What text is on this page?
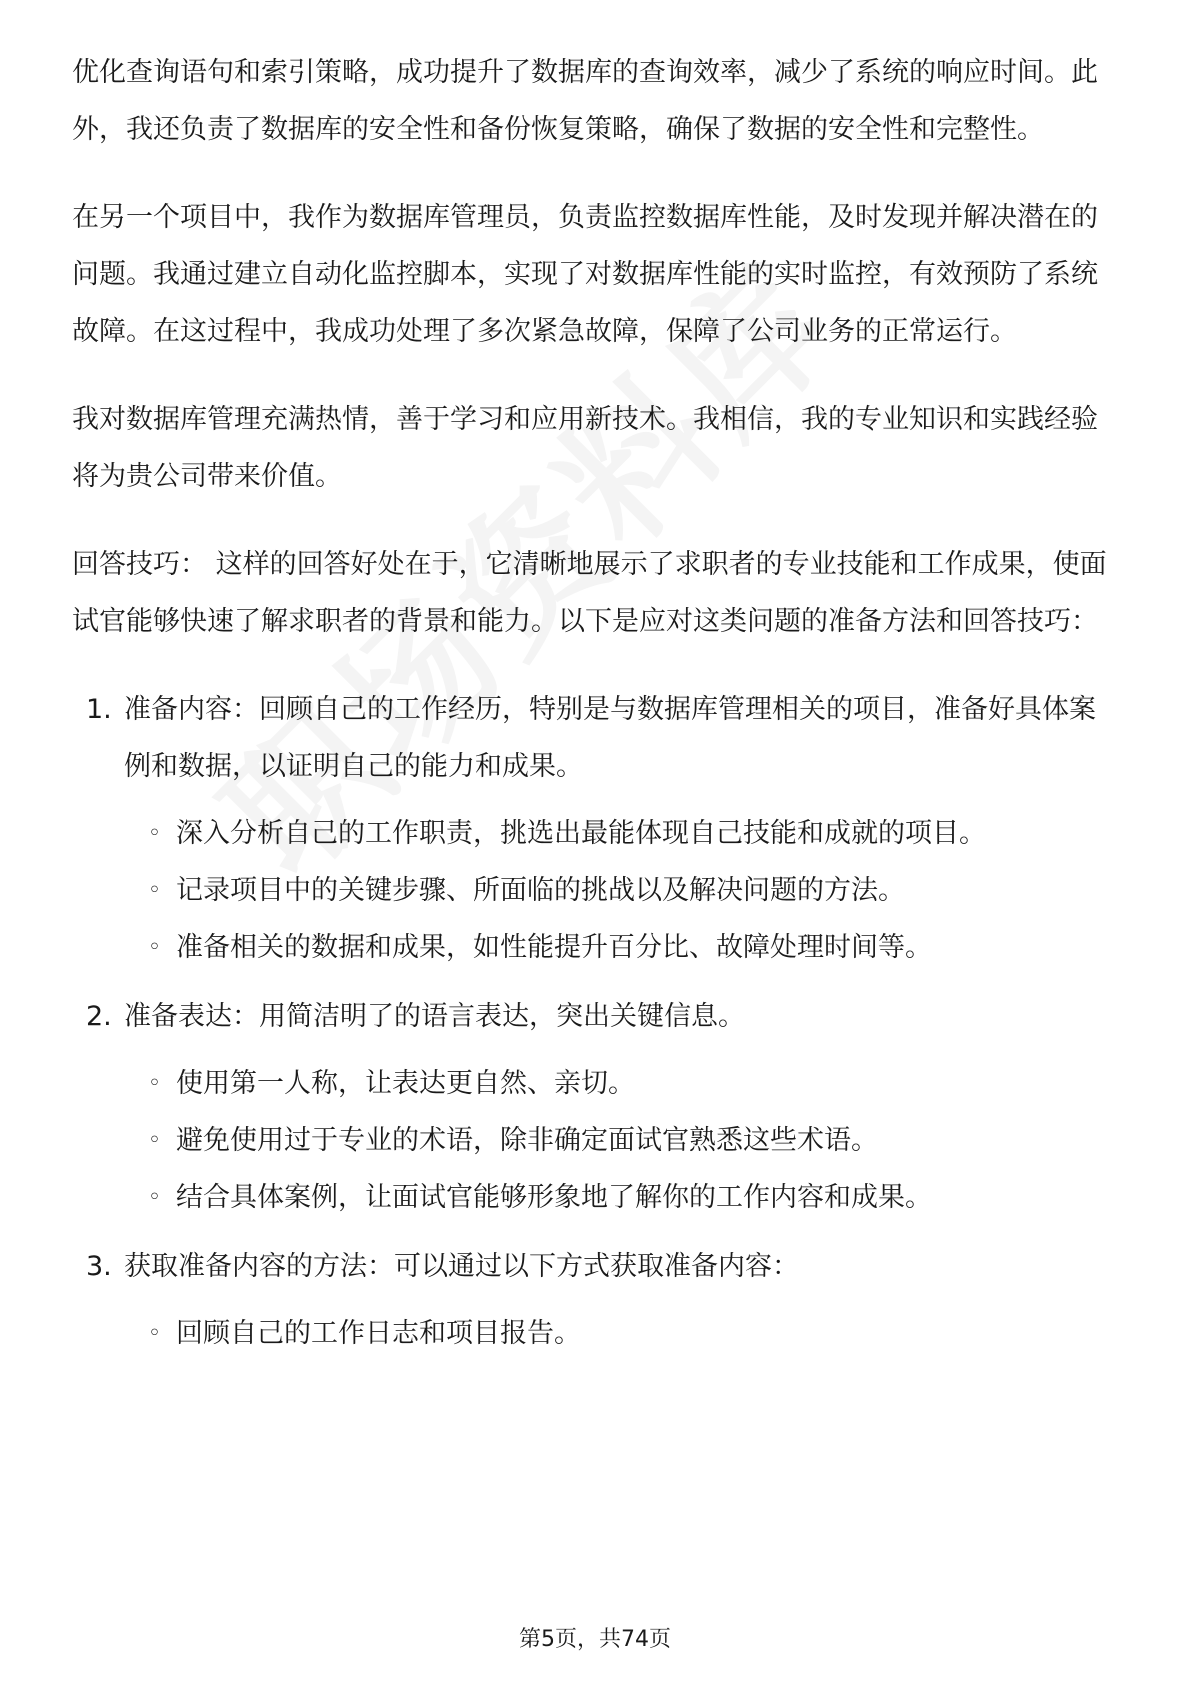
优化查询语句和索引策略，成功提升了数据库的查询效率，减少了系统的响应时间。此外，我还负责了数据库的安全性和备份恢复策略，确保了数据的安全性和完整性。

在另一个项目中，我作为数据库管理员，负责监控数据库性能，及时发现并解决潜在的问题。我通过建立自动化监控脚本，实现了对数据库性能的实时监控，有效预防了系统故障。在这过程中，我成功处理了多次紧急故障，保障了公司业务的正常运行。

我对数据库管理充满热情，善于学习和应用新技术。我相信，我的专业知识和实践经验将为贵公司带来价值。

回答技巧： 这样的回答好处在于，它清晰地展示了求职者的专业技能和工作成果，使面试官能够快速了解求职者的背景和能力。以下是应对这类问题的准备方法和回答技巧：

1. 准备内容：回顾自己的工作经历，特别是与数据库管理相关的项目，准备好具体案例和数据，以证明自己的能力和成果。
◦ 深入分析自己的工作职责，挑选出最能体现自己技能和成就的项目。
◦ 记录项目中的关键步骤、所面临的挑战以及解决问题的方法。
◦ 准备相关的数据和成果，如性能提升百分比、故障处理时间等。
2. 准备表达：用简洁明了的语言表达，突出关键信息。
◦ 使用第一人称，让表达更自然、亲切。
◦ 避免使用过于专业的术语，除非确定面试官熟悉这些术语。
◦ 结合具体案例，让面试官能够形象地了解你的工作内容和成果。
3. 获取准备内容的方法：可以通过以下方式获取准备内容：
◦ 回顾自己的工作日志和项目报告。
第5页，共74页
